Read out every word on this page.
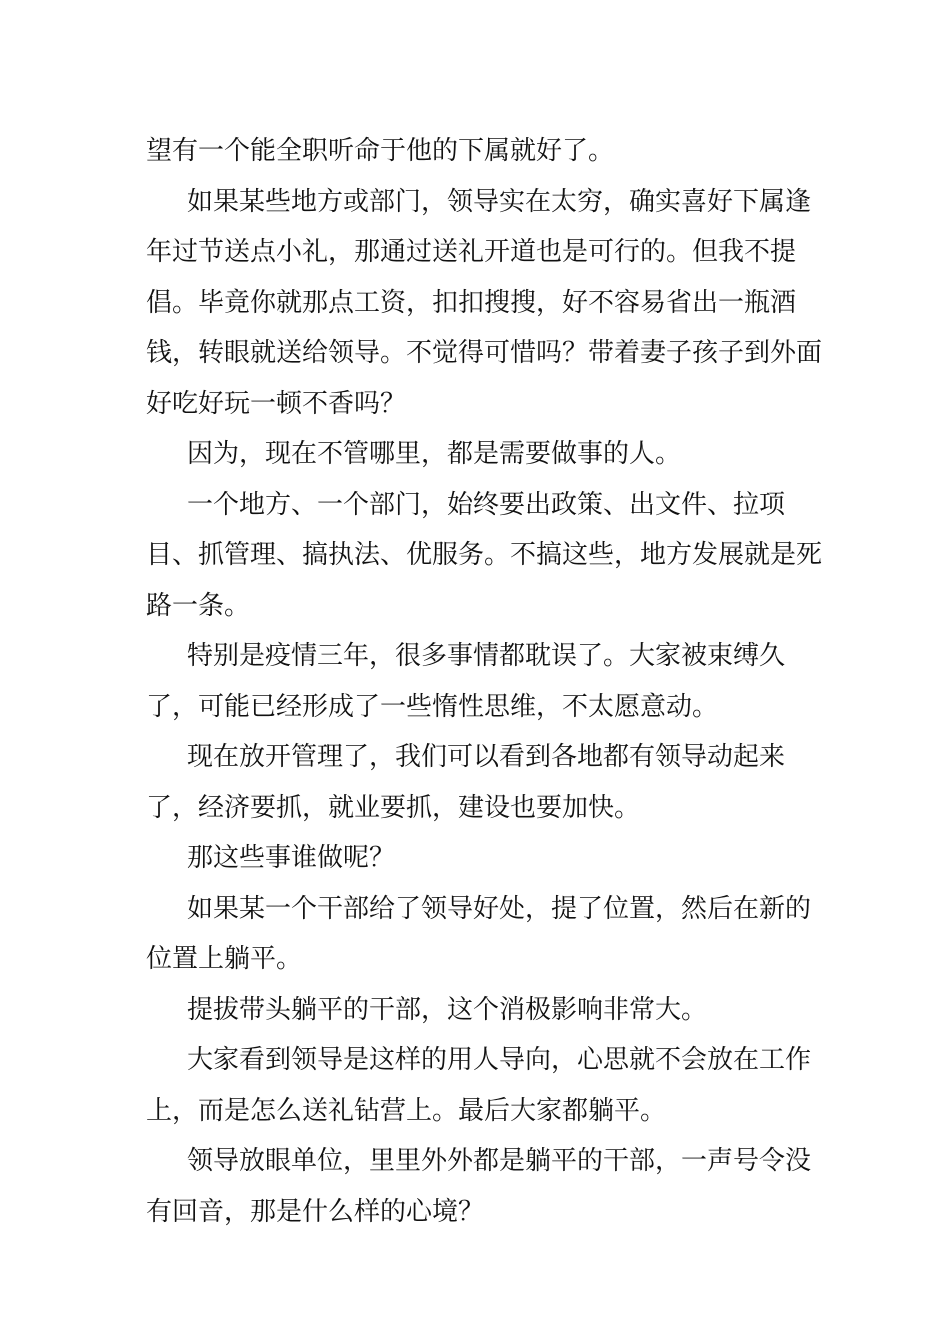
望有一个能全职听命于他的下属就好了。

如果某些地方或部门，领导实在太穷，确实喜好下属逢年过节送点小礼，那通过送礼开道也是可行的。但我不提倡。毕竟你就那点工资，扣扣搜搜，好不容易省出一瓶酒钱，转眼就送给领导。不觉得可惜吗？带着妻子孩子到外面好吃好玩一顿不香吗？

因为，现在不管哪里，都是需要做事的人。

一个地方、一个部门，始终要出政策、出文件、拉项目、抓管理、搞执法、优服务。不搞这些，地方发展就是死路一条。

特别是疫情三年，很多事情都耽误了。大家被束缚久了，可能已经形成了一些惰性思维，不太愿意动。

现在放开管理了，我们可以看到各地都有领导动起来了，经济要抓，就业要抓，建设也要加快。

那这些事谁做呢？

如果某一个干部给了领导好处，提了位置，然后在新的位置上躺平。

提拔带头躺平的干部，这个消极影响非常大。

大家看到领导是这样的用人导向，心思就不会放在工作上，而是怎么送礼钻营上。最后大家都躺平。

领导放眼单位，里里外外都是躺平的干部，一声号令没有回音，那是什么样的心境？
